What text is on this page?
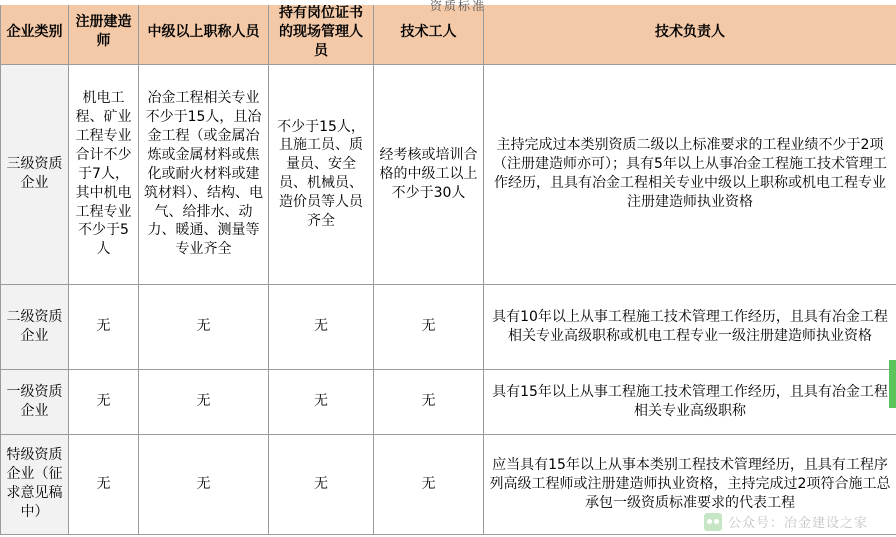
企业类别	注册建造师	中级以上职称人员	持有岗位证书的现场管理人员	技术工人	技术负责人
三级资质企业	机电工程、矿业工程专业合计不少于7人，其中机电工程专业不少于5人	冶金工程相关专业不少于15人，且冶金工程（或金属冶炼或金属材料或焦化或耐火材料或建筑材料）、结构、电气、给排水、动力、暖通、测量等专业齐全	不少于15人，且施工员、质量员、安全员、机械员、造价员等人员齐全	经考核或培训合格的中级工以上不少于30人	主持完成过本类别资质二级以上标准要求的工程业绩不少于2项（注册建造师亦可）；具有5年以上从事冶金工程施工技术管理工作经历，且具有冶金工程相关专业中级以上职称或机电工程专业注册建造师执业资格
二级资质企业	无	无	无	无	具有10年以上从事工程施工技术管理工作经历，且具有冶金工程相关专业高级职称或机电工程专业一级注册建造师执业资格
一级资质企业	无	无	无	无	具有15年以上从事工程施工技术管理工作经历，且具有冶金工程相关专业高级职称
特级资质企业（征求意见稿中）	无	无	无	无	应当具有15年以上从事本类别工程技术管理经历，且具有工程序列高级工程师或注册建造师执业资格，主持完成过2项符合施工总承包一级资质标准要求的代表工程
资质标准
公众号：冶金建设之家
